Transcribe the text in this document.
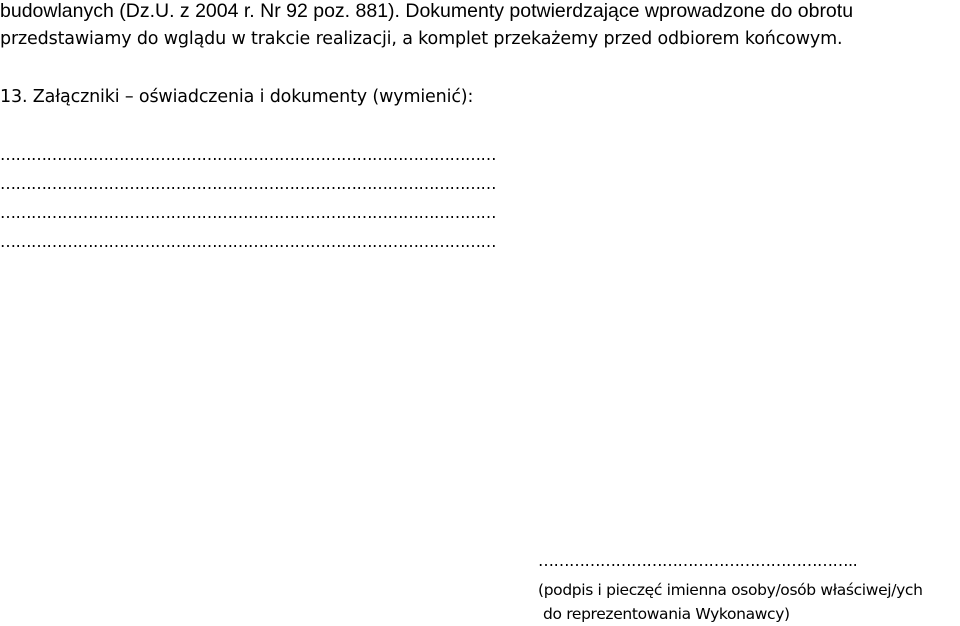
budowlanych (Dz.U. z 2004 r. Nr 92 poz. 881). Dokumenty potwierdzające wprowadzone do obrotu
przedstawiamy do wglądu w trakcie realizacji, a komplet przekażemy przed odbiorem końcowym.
13. Załączniki – oświadczenia i dokumenty (wymienić):
……………………………………………………………………………………
……………………………………………………………………………………
……………………………………………………………………………………
……………………………………………………………………………………
……………………………………………………..
(podpis i pieczęć imienna osoby/osób właściwej/ych
do reprezentowania Wykonawcy)
